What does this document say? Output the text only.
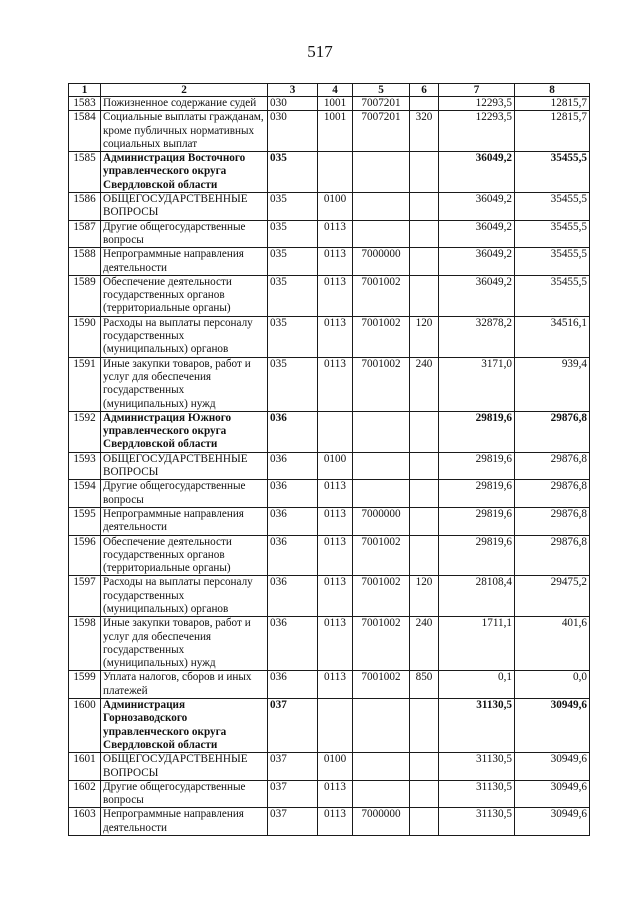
517
1	2	3	4	5	6	7	8
1583	Пожизненное содержание судей	030	1001	7007201		12293,5	12815,7
1584	Социальные выплаты гражданам,
кроме публичных нормативных
социальных выплат	030	1001	7007201	320	12293,5	12815,7
1585	Администрация Восточного
управленческого округа
Свердловской области	035				36049,2	35455,5
1586	ОБЩЕГОСУДАРСТВЕННЫЕ
ВОПРОСЫ	035	0100			36049,2	35455,5
1587	Другие общегосударственные
вопросы	035	0113			36049,2	35455,5
1588	Непрограммные направления
деятельности	035	0113	7000000		36049,2	35455,5
1589	Обеспечение деятельности
государственных органов
(территориальные органы)	035	0113	7001002		36049,2	35455,5
1590	Расходы на выплаты персоналу
государственных
(муниципальных) органов	035	0113	7001002	120	32878,2	34516,1
1591	Иные закупки товаров, работ и
услуг для обеспечения
государственных
(муниципальных) нужд	035	0113	7001002	240	3171,0	939,4
1592	Администрация Южного
управленческого округа
Свердловской области	036				29819,6	29876,8
1593	ОБЩЕГОСУДАРСТВЕННЫЕ
ВОПРОСЫ	036	0100			29819,6	29876,8
1594	Другие общегосударственные
вопросы	036	0113			29819,6	29876,8
1595	Непрограммные направления
деятельности	036	0113	7000000		29819,6	29876,8
1596	Обеспечение деятельности
государственных органов
(территориальные органы)	036	0113	7001002		29819,6	29876,8
1597	Расходы на выплаты персоналу
государственных
(муниципальных) органов	036	0113	7001002	120	28108,4	29475,2
1598	Иные закупки товаров, работ и
услуг для обеспечения
государственных
(муниципальных) нужд	036	0113	7001002	240	1711,1	401,6
1599	Уплата налогов, сборов и иных
платежей	036	0113	7001002	850	0,1	0,0
1600	Администрация
Горнозаводского
управленческого округа
Свердловской области	037				31130,5	30949,6
1601	ОБЩЕГОСУДАРСТВЕННЫЕ
ВОПРОСЫ	037	0100			31130,5	30949,6
1602	Другие общегосударственные
вопросы	037	0113			31130,5	30949,6
1603	Непрограммные направления
деятельности	037	0113	7000000		31130,5	30949,6
